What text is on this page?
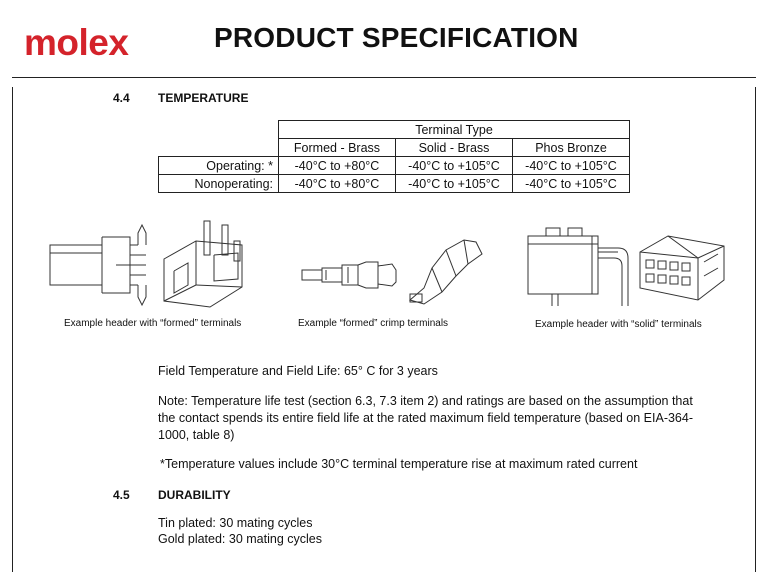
molex	PRODUCT SPECIFICATION
4.4 TEMPERATURE
	Terminal Type		
	Formed - Brass	Solid - Brass	Phos Bronze
Operating: *	-40°C to +80°C	-40°C to +105°C	-40°C to +105°C
Nonoperating:	-40°C to +80°C	-40°C to +105°C	-40°C to +105°C
Example header with “formed” terminals	Example “formed” crimp terminals	Example header with “solid” terminals
Field Temperature and Field Life: 65° C for 3 years
Note: Temperature life test (section 6.3, 7.3 item 2) and ratings are based on the assumption that
the contact spends its entire field life at the rated maximum field temperature (based on EIA-364-
1000, table 8)
*Temperature values include 30°C terminal temperature rise at maximum rated current
4.5 DURABILITY
Tin plated: 30 mating cycles
Gold plated: 30 mating cycles
